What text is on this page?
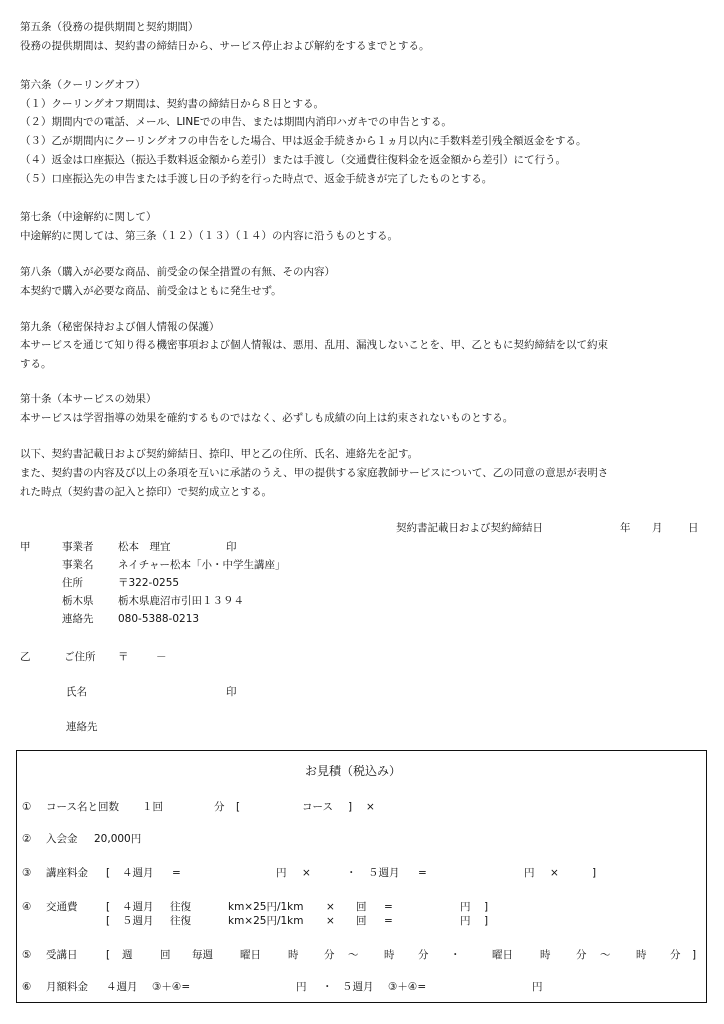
第五条（役務の提供期間と契約期間）
役務の提供期間は、契約書の締結日から、サービス停止および解約をするまでとする。
第六条（クーリングオフ）
（１）クーリングオフ期間は、契約書の締結日から８日とする。
（２）期間内での電話、メール、LINEでの申告、または期間内消印ハガキでの申告とする。
（３）乙が期間内にクーリングオフの申告をした場合、甲は返金手続きから１ヵ月以内に手数料差引残全額返金をする。
（４）返金は口座振込（振込手数料返金額から差引）または手渡し（交通費往復料金を返金額から差引）にて行う。
（５）口座振込先の申告または手渡し日の予約を行った時点で、返金手続きが完了したものとする。
第七条（中途解約に関して）
中途解約に関しては、第三条（１２）（１３）（１４）の内容に沿うものとする。
第八条（購入が必要な商品、前受金の保全措置の有無、その内容）
本契約で購入が必要な商品、前受金はともに発生せず。
第九条（秘密保持および個人情報の保護）
本サービスを通じて知り得る機密事項および個人情報は、悪用、乱用、漏洩しないことを、甲、乙ともに契約締結を以て約束
する。
第十条（本サービスの効果）
本サービスは学習指導の効果を確約するものではなく、必ずしも成績の向上は約束されないものとする。
以下、契約書記載日および契約締結日、捺印、甲と乙の住所、氏名、連絡先を記す。
また、契約書の内容及び以上の条項を互いに承諾のうえ、甲の提供する家庭教師サービスについて、乙の同意の意思が表明さ
れた時点（契約書の記入と捺印）で契約成立とする。
契約書記載日および契約締結日	年 月 日
甲	事業者 松本　理宜	印
事業名 ネイチャー松本「小・中学生講座」
住所	〒322-0255
栃木県 栃木県鹿沼市引田１３９４
連絡先 080-5388-0213
乙	ご住所 〒	－
氏名	印
連絡先
お見積（税込み）
① コース名と回数 １回	分 [	コース ] ×
② 入会金 20,000円
③ 講座料金 [ ４週月 =	円 ×	・ ５週月 =	円 ×	]
④ 交通費	[ ４週月 往復	km×25円/1km × 回 =	円 ]
[ ５週月 往復	km×25円/1km × 回 =	円 ]
⑤ 受講日	[ 週	回 毎週	曜日	時 分 ～ 時 分 ・	曜日	時 分 ～ 時 分 ]
⑥ 月額料金 ４週月 ③＋④=	円 ・ ５週月 ③＋④=	円
